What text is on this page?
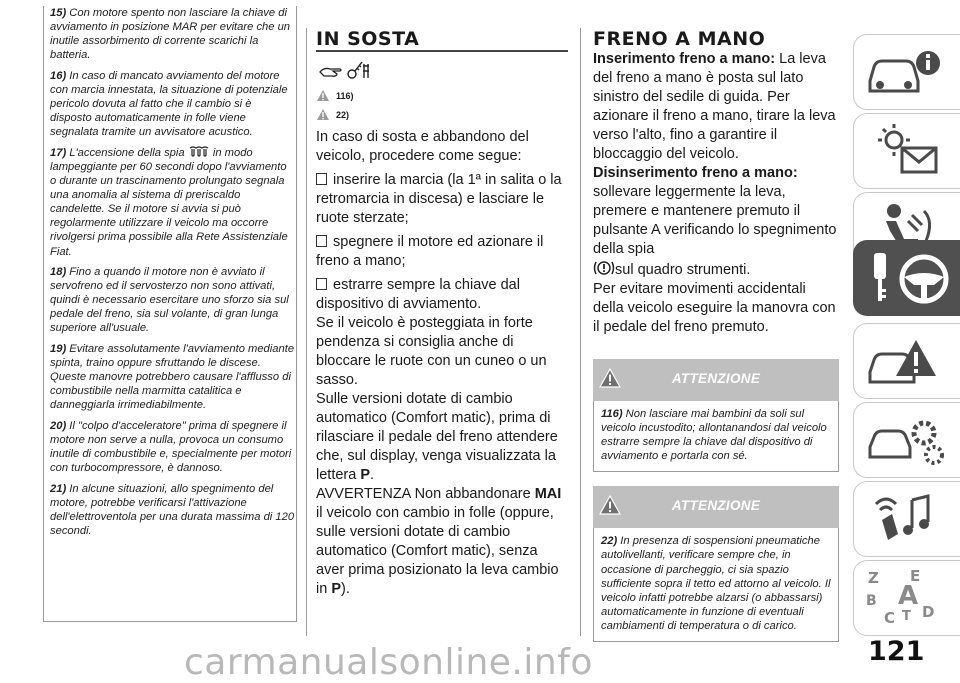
15) Con motore spento non lasciare la chiave di avviamento in posizione MAR per evitare che un inutile assorbimento di corrente scarichi la batteria.

16) In caso di mancato avviamento del motore con marcia innestata, la situazione di potenziale pericolo dovuta al fatto che il cambio si è disposto automaticamente in folle viene segnalata tramite un avvisatore acustico.

17) L'accensione della spia	in modo lampeggiante per 60 secondi dopo l'avviamento o durante un trascinamento prolungato segnala una anomalia al sistema di preriscaldo candelette. Se il motore si avvia si può regolarmente utilizzare il veicolo ma occorre rivolgersi prima possibile alla Rete Assistenziale Fiat.

18) Fino a quando il motore non è avviato il servofreno ed il servosterzo non sono attivati, quindi è necessario esercitare uno sforzo sia sul pedale del freno, sia sul volante, di gran lunga superiore all'usuale.

19) Evitare assolutamente l'avviamento mediante spinta, traino oppure sfruttando le discese. Queste manovre potrebbero causare l'afflusso di combustibile nella marmitta catalitica e danneggiarla irrimediabilmente.

20) Il "colpo d'acceleratore" prima di spegnere il motore non serve a nulla, provoca un consumo inutile di combustibile e, specialmente per motori con turbocompressore, è dannoso.

21) In alcune situazioni, allo spegnimento del motore, potrebbe verificarsi l'attivazione dell'elettroventola per una durata massima di 120 secondi.

IN SOSTA
116)
22)
In caso di sosta e abbandono del veicolo, procedere come segue:
inserire la marcia (la 1ª in salita o la retromarcia in discesa) e lasciare le ruote sterzate;
spegnere il motore ed azionare il freno a mano;
estrarre sempre la chiave dal dispositivo di avviamento.
Se il veicolo è posteggiata in forte pendenza si consiglia anche di bloccare le ruote con un cuneo o un sasso.
Sulle versioni dotate di cambio automatico (Comfort matic), prima di rilasciare il pedale del freno attendere che, sul display, venga visualizzata la lettera P.
AVVERTENZA Non abbandonare MAI il veicolo con cambio in folle (oppure, sulle versioni dotate di cambio automatico (Comfort matic), senza aver prima posizionato la leva cambio in P).
FRENO A MANO
Inserimento freno a mano: La leva del freno a mano è posta sul lato sinistro del sedile di guida. Per azionare il freno a mano, tirare la leva verso l'alto, fino a garantire il bloccaggio del veicolo.
Disinserimento freno a mano:
sollevare leggermente la leva, premere e mantenere premuto il pulsante A verificando lo spegnimento della spia
sul quadro strumenti.
Per evitare movimenti accidentali della veicolo eseguire la manovra con il pedale del freno premuto.
ATTENZIONE
116) Non lasciare mai bambini da soli sul veicolo incustodito; allontanandosi dal veicolo estrarre sempre la chiave dal dispositivo di avviamento e portarla con sé.
ATTENZIONE
22) In presenza di sospensioni pneumatiche autolivellanti, verificare sempre che, in occasione di parcheggio, ci sia spazio sufficiente sopra il tetto ed attorno al veicolo. Il veicolo infatti potrebbe alzarsi (o abbassarsi) automaticamente in funzione di eventuali cambiamenti di temperatura o di carico.
Z E
B A
C T D
carmanualsonline.info	121
